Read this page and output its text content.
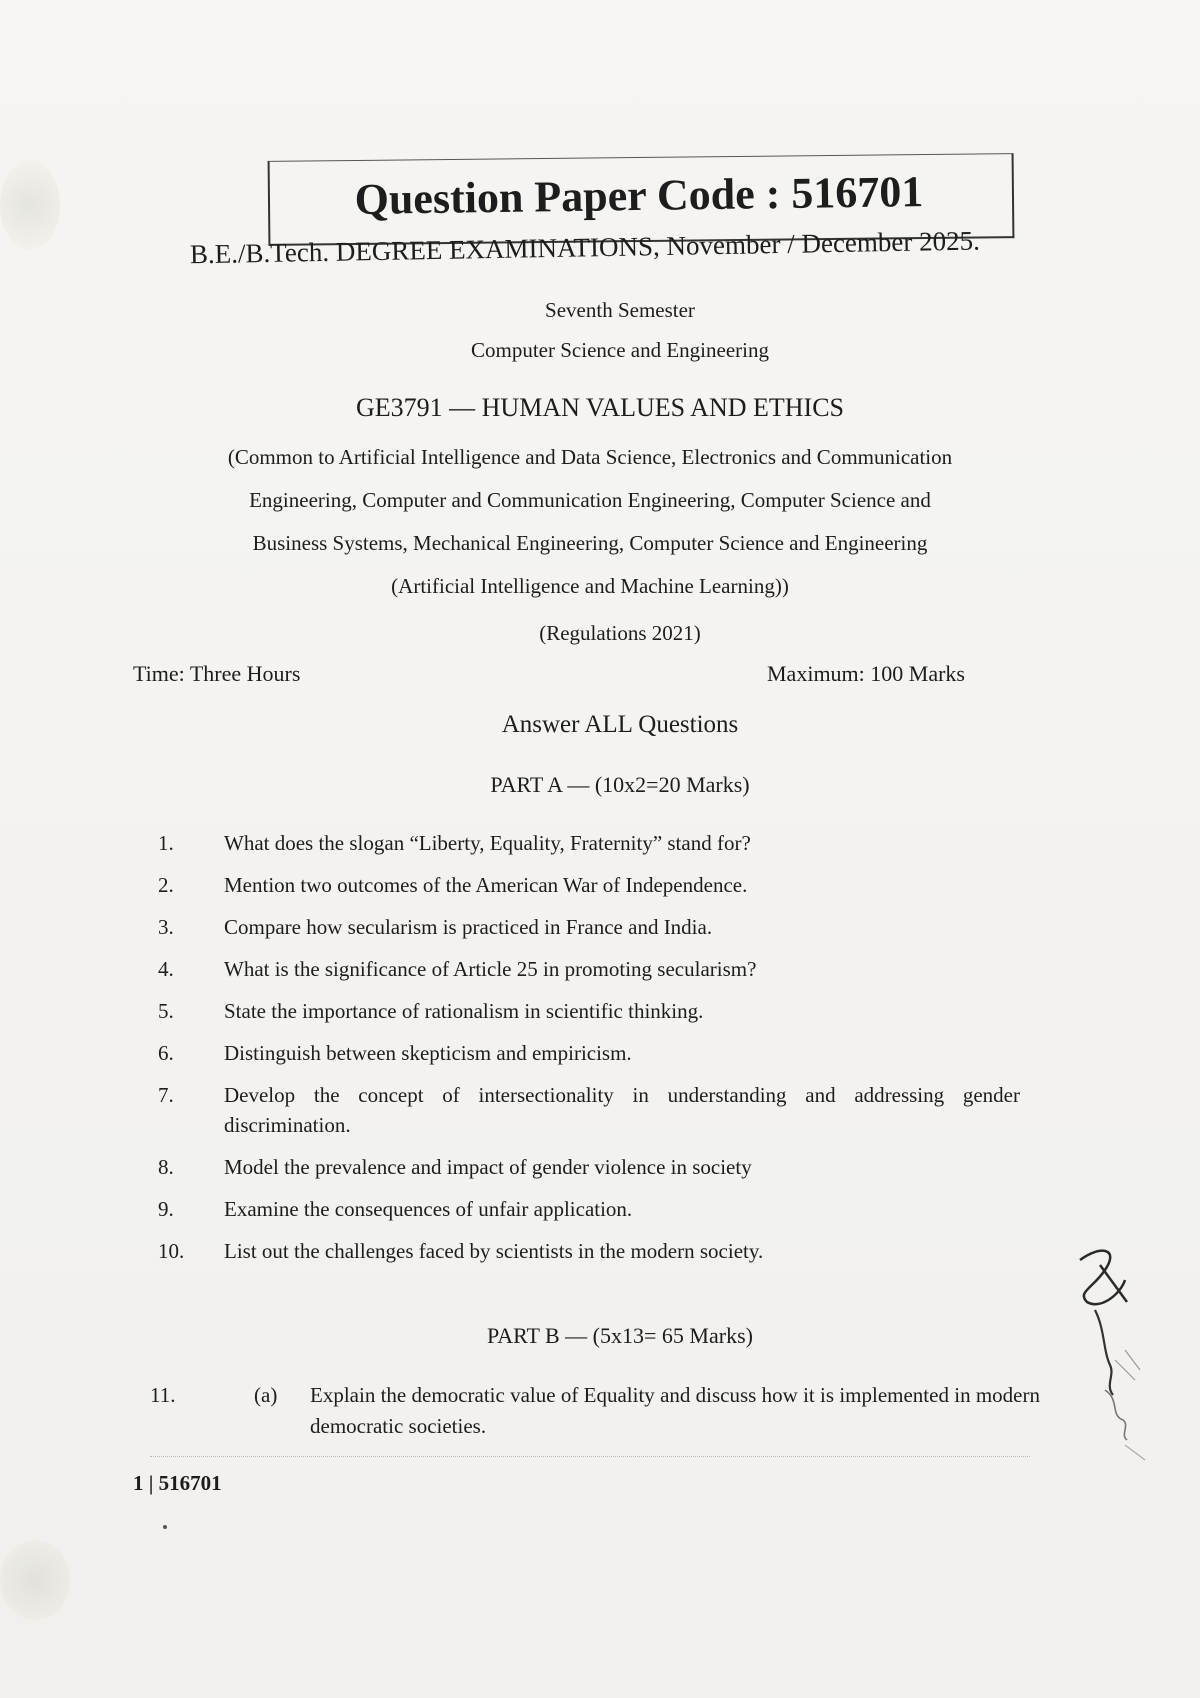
Question Paper Code : 516701
B.E./B.Tech. DEGREE EXAMINATIONS, November / December 2025.
Seventh Semester
Computer Science and Engineering
GE3791 — HUMAN VALUES AND ETHICS
(Common to Artificial Intelligence and Data Science, Electronics and Communication
Engineering, Computer and Communication Engineering, Computer Science and
Business Systems, Mechanical Engineering, Computer Science and Engineering
(Artificial Intelligence and Machine Learning))
(Regulations 2021)
Time: Three Hours	Maximum: 100 Marks
Answer ALL Questions
PART A — (10x2=20 Marks)
1.	What does the slogan “Liberty, Equality, Fraternity” stand for?
2.	Mention two outcomes of the American War of Independence.
3.	Compare how secularism is practiced in France and India.
4.	What is the significance of Article 25 in promoting secularism?
5.	State the importance of rationalism in scientific thinking.
6.	Distinguish between skepticism and empiricism.
7.	Develop the concept of intersectionality in understanding and addressing gender discrimination.
8.	Model the prevalence and impact of gender violence in society
9.	Examine the consequences of unfair application.
10.	List out the challenges faced by scientists in the modern society.
PART B — (5x13= 65 Marks)
11.	(a) Explain the democratic value of Equality and discuss how it is implemented in modern democratic societies.
1 | 516701
